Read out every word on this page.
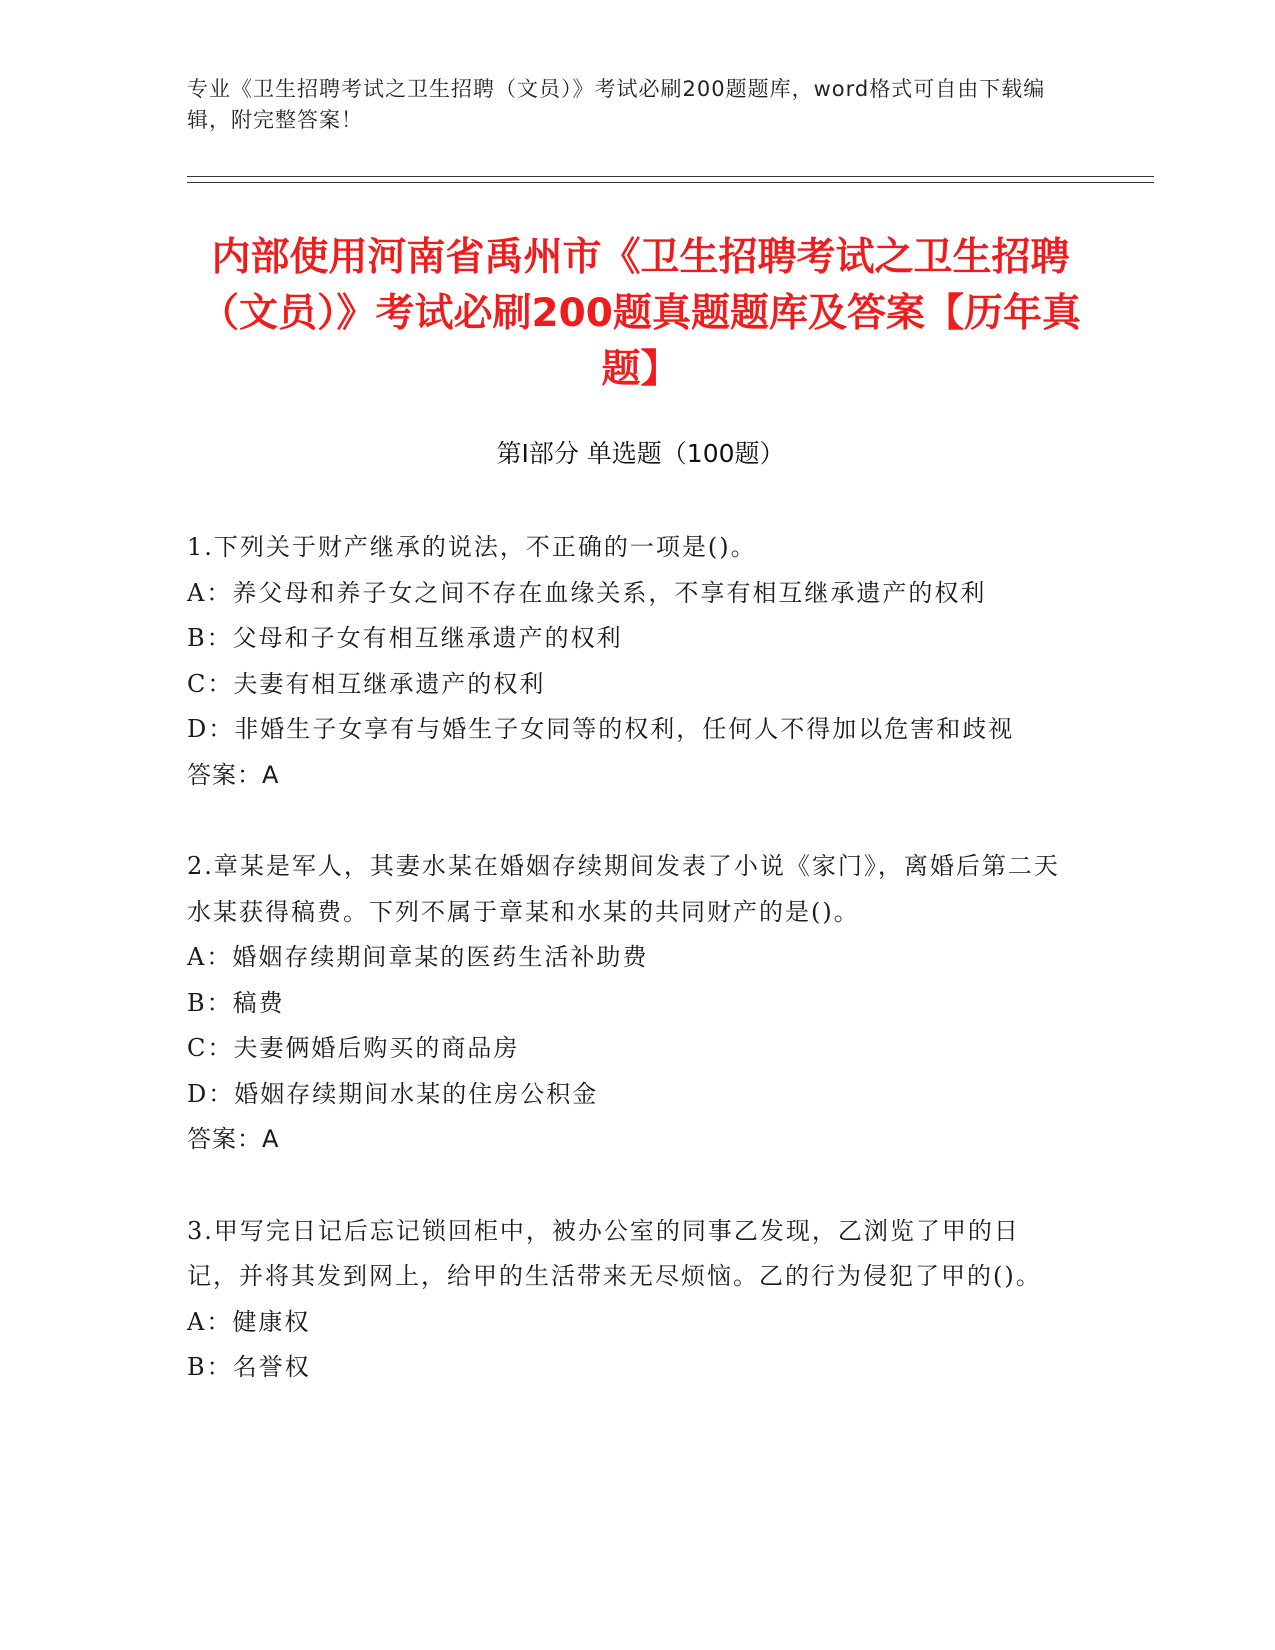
专业《卫生招聘考试之卫生招聘（文员）》考试必刷200题题库，word格式可自由下载编辑，附完整答案！
内部使用河南省禹州市《卫生招聘考试之卫生招聘（文员）》考试必刷200题真题题库及答案【历年真题】
第Ⅰ部分 单选题（100题）

1.下列关于财产继承的说法，不正确的一项是()。

A：养父母和养子女之间不存在血缘关系，不享有相互继承遗产的权利

B：父母和子女有相互继承遗产的权利

C：夫妻有相互继承遗产的权利

D：非婚生子女享有与婚生子女同等的权利，任何人不得加以危害和歧视

答案：A

2.章某是军人，其妻水某在婚姻存续期间发表了小说《家门》，离婚后第二天水某获得稿费。下列不属于章某和水某的共同财产的是()。

A：婚姻存续期间章某的医药生活补助费

B：稿费

C：夫妻俩婚后购买的商品房

D：婚姻存续期间水某的住房公积金

答案：A

3.甲写完日记后忘记锁回柜中，被办公室的同事乙发现，乙浏览了甲的日记，并将其发到网上，给甲的生活带来无尽烦恼。乙的行为侵犯了甲的()。

A：健康权

B：名誉权
